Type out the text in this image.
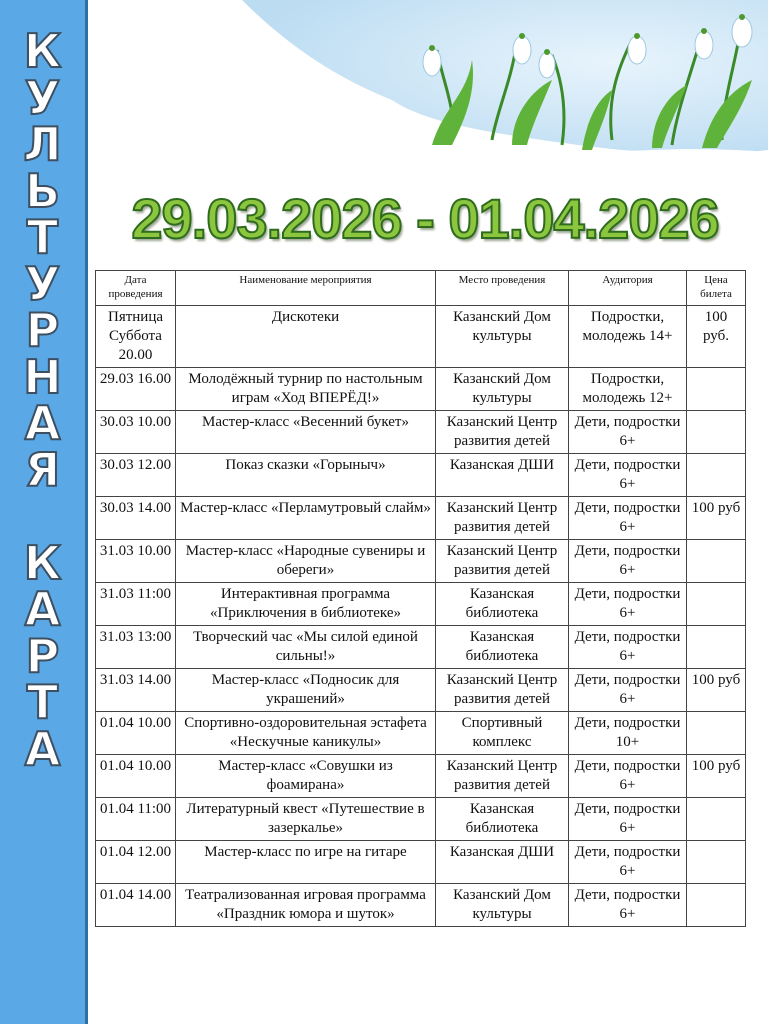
К
У
Л
Ь
Т
У
Р
Н
А
Я
К
А
Р
Т
А
29.03.2026 - 01.04.2026
Дата проведения	Наименование мероприятия	Место проведения	Аудитория	Цена билета
Пятница Суббота 20.00	Дискотеки	Казанский Дом культуры	Подростки, молодежь 14+	100 руб.
29.03 16.00	Молодёжный турнир по настольным играм «Ход ВПЕРЁД!»	Казанский Дом культуры	Подростки, молодежь 12+	
30.03 10.00	Мастер-класс «Весенний букет»	Казанский Центр развития детей	Дети, подростки 6+	
30.03 12.00	Показ сказки «Горыныч»	Казанская ДШИ	Дети, подростки 6+	
30.03 14.00	Мастер-класс «Перламутровый слайм»	Казанский Центр развития детей	Дети, подростки 6+	100 руб
31.03 10.00	Мастер-класс «Народные сувениры и обереги»	Казанский Центр развития детей	Дети, подростки 6+	
31.03 11:00	Интерактивная программа «Приключения в библиотеке»	Казанская библиотека	Дети, подростки 6+	
31.03 13:00	Творческий час «Мы силой единой сильны!»	Казанская библиотека	Дети, подростки 6+	
31.03 14.00	Мастер-класс «Подносик для украшений»	Казанский Центр развития детей	Дети, подростки 6+	100 руб
01.04 10.00	Спортивно-оздоровительная эстафета «Нескучные каникулы»	Спортивный комплекс	Дети, подростки 10+	
01.04 10.00	Мастер-класс «Совушки из фоамирана»	Казанский Центр развития детей	Дети, подростки 6+	100 руб
01.04 11:00	Литературный квест «Путешествие в зазеркалье»	Казанская библиотека	Дети, подростки 6+	
01.04 12.00	Мастер-класс по игре на гитаре	Казанская ДШИ	Дети, подростки 6+	
01.04 14.00	Театрализованная игровая программа «Праздник юмора и шуток»	Казанский Дом культуры	Дети, подростки 6+	
